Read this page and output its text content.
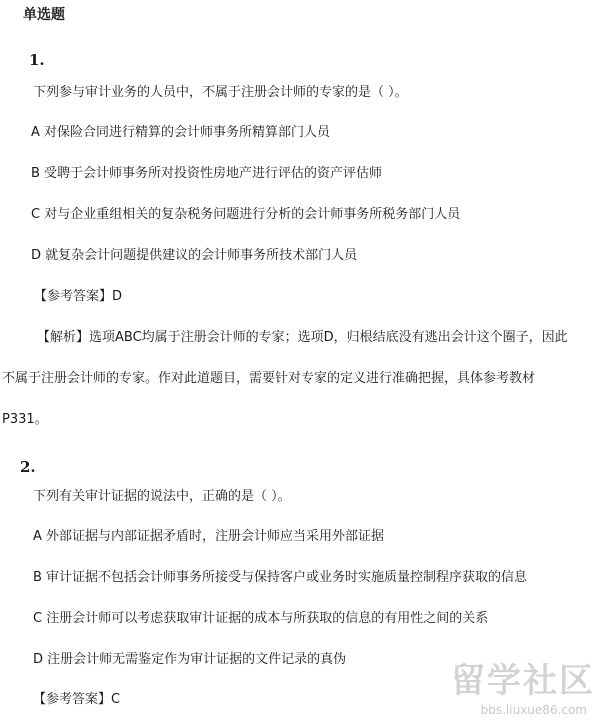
单选题
1.
下列参与审计业务的人员中，不属于注册会计师的专家的是（ ）。
A 对保险合同进行精算的会计师事务所精算部门人员
B 受聘于会计师事务所对投资性房地产进行评估的资产评估师
C 对与企业重组相关的复杂税务问题进行分析的会计师事务所税务部门人员
D 就复杂会计问题提供建议的会计师事务所技术部门人员
【参考答案】D
【解析】选项ABC均属于注册会计师的专家；选项D，归根结底没有逃出会计这个圈子，因此
不属于注册会计师的专家。作对此道题目，需要针对专家的定义进行准确把握，具体参考教材
P331。
2.
下列有关审计证据的说法中，正确的是（ ）。
A 外部证据与内部证据矛盾时，注册会计师应当采用外部证据
B 审计证据不包括会计师事务所接受与保持客户或业务时实施质量控制程序获取的信息
C 注册会计师可以考虑获取审计证据的成本与所获取的信息的有用性之间的关系
D 注册会计师无需鉴定作为审计证据的文件记录的真伪
【参考答案】C	留学社区
bbs.liuxue86.com
